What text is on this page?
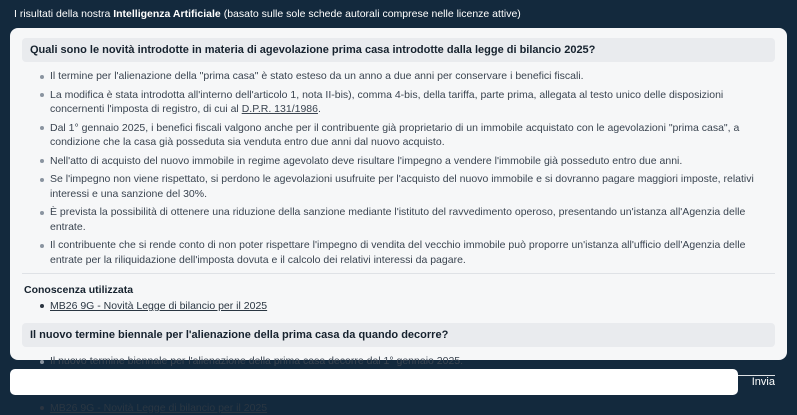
I risultati della nostra Intelligenza Artificiale (basato sulle sole schede autorali comprese nelle licenze attive)
Quali sono le novità introdotte in materia di agevolazione prima casa introdotte dalla legge di bilancio 2025?
Il termine per l'alienazione della "prima casa" è stato esteso da un anno a due anni per conservare i benefici fiscali.
La modifica è stata introdotta all'interno dell'articolo 1, nota II-bis), comma 4-bis, della tariffa, parte prima, allegata al testo unico delle disposizioni concernenti l'imposta di registro, di cui al D.P.R. 131/1986.
Dal 1° gennaio 2025, i benefici fiscali valgono anche per il contribuente già proprietario di un immobile acquistato con le agevolazioni "prima casa", a condizione che la casa già posseduta sia venduta entro due anni dal nuovo acquisto.
Nell'atto di acquisto del nuovo immobile in regime agevolato deve risultare l'impegno a vendere l'immobile già posseduto entro due anni.
Se l'impegno non viene rispettato, si perdono le agevolazioni usufruite per l'acquisto del nuovo immobile e si dovranno pagare maggiori imposte, relativi interessi e una sanzione del 30%.
È prevista la possibilità di ottenere una riduzione della sanzione mediante l'istituto del ravvedimento operoso, presentando un'istanza all'Agenzia delle entrate.
Il contribuente che si rende conto di non poter rispettare l'impegno di vendita del vecchio immobile può proporre un'istanza all'ufficio dell'Agenzia delle entrate per la riliquidazione dell'imposta dovuta e il calcolo dei relativi interessi da pagare.
Conoscenza utilizzata
MB26 9G - Novità Legge di bilancio per il 2025
Il nuovo termine biennale per l'alienazione della prima casa da quando decorre?
Il nuovo termine biennale per l'alienazione della prima casa decorre dal 1° gennaio 2025.
MB26 9G - Novità Legge di bilancio per il 2025
Invia
